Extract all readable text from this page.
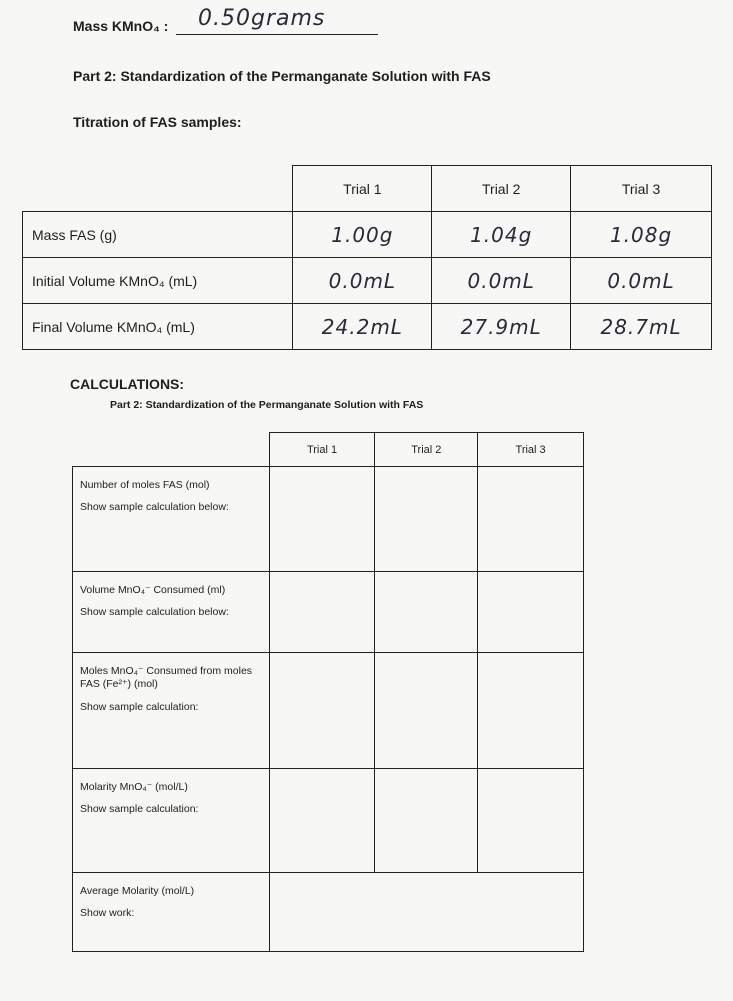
Mass KMnO₄ : 0.50grams
Part 2: Standardization of the Permanganate Solution with FAS
Titration of FAS samples:
	Trial 1	Trial 2	Trial 3
Mass FAS (g)	1.00g	1.04g	1.08g
Initial Volume KMnO₄ (mL)	0.0mL	0.0mL	0.0mL
Final Volume KMnO₄ (mL)	24.2mL	27.9mL	28.7mL
CALCULATIONS:
Part 2: Standardization of the Permanganate Solution with FAS
	Trial 1	Trial 2	Trial 3
Number of moles FAS (mol)
Show sample calculation below:			

Volume MnO₄⁻ Consumed (ml)
Show sample calculation below:			

Moles MnO₄⁻ Consumed from moles FAS (Fe²⁺) (mol)
Show sample calculation:			

Molarity MnO₄⁻ (mol/L)
Show sample calculation:			

Average Molarity (mol/L)
Show work:			
